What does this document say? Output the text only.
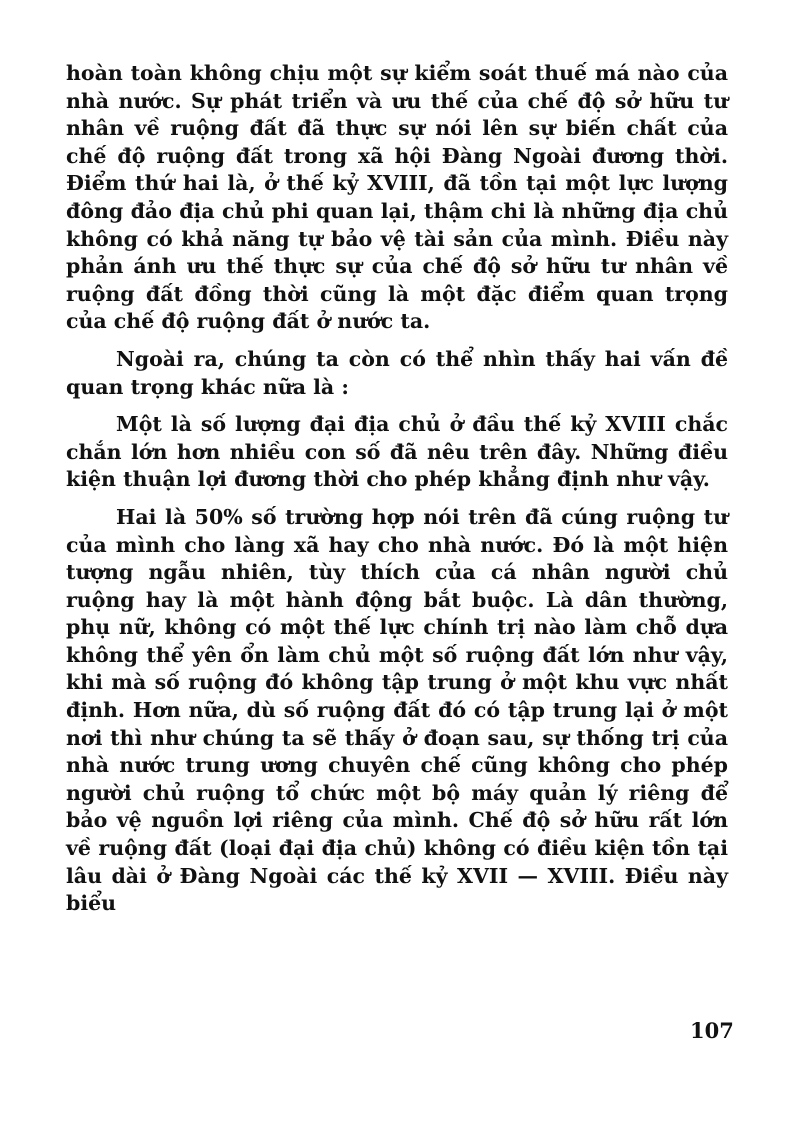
hoàn toàn không chịu một sự kiểm soát thuế má nào của nhà nước. Sự phát triển và ưu thế của chế độ sở hữu tư nhân về ruộng đất đã thực sự nói lên sự biến chất của chế độ ruộng đất trong xã hội Đàng Ngoài đương thời. Điểm thứ hai là, ở thế kỷ XVIII, đã tồn tại một lực lượng đông đảo địa chủ phi quan lại, thậm chi là những địa chủ không có khả năng tự bảo vệ tài sản của mình. Điều này phản ánh ưu thế thực sự của chế độ sở hữu tư nhân về ruộng đất đồng thời cũng là một đặc điểm quan trọng của chế độ ruộng đất ở nước ta.

Ngoài ra, chúng ta còn có thể nhìn thấy hai vấn đề quan trọng khác nữa là :

Một là số lượng đại địa chủ ở đầu thế kỷ XVIII chắc chắn lớn hơn nhiều con số đã nêu trên đây. Những điều kiện thuận lợi đương thời cho phép khẳng định như vậy.

Hai là 50% số trường hợp nói trên đã cúng ruộng tư của mình cho làng xã hay cho nhà nước. Đó là một hiện tượng ngẫu nhiên, tùy thích của cá nhân người chủ ruộng hay là một hành động bắt buộc. Là dân thường, phụ nữ, không có một thế lực chính trị nào làm chỗ dựa không thể yên ổn làm chủ một số ruộng đất lớn như vậy, khi mà số ruộng đó không tập trung ở một khu vực nhất định. Hơn nữa, dù số ruộng đất đó có tập trung lại ở một nơi thì như chúng ta sẽ thấy ở đoạn sau, sự thống trị của nhà nước trung ương chuyên chế cũng không cho phép người chủ ruộng tổ chức một bộ máy quản lý riêng để bảo vệ nguồn lợi riêng của mình. Chế độ sở hữu rất lớn về ruộng đất (loại đại địa chủ) không có điều kiện tồn tại lâu dài ở Đàng Ngoài các thế kỷ XVII — XVIII. Điều này biểu

107
